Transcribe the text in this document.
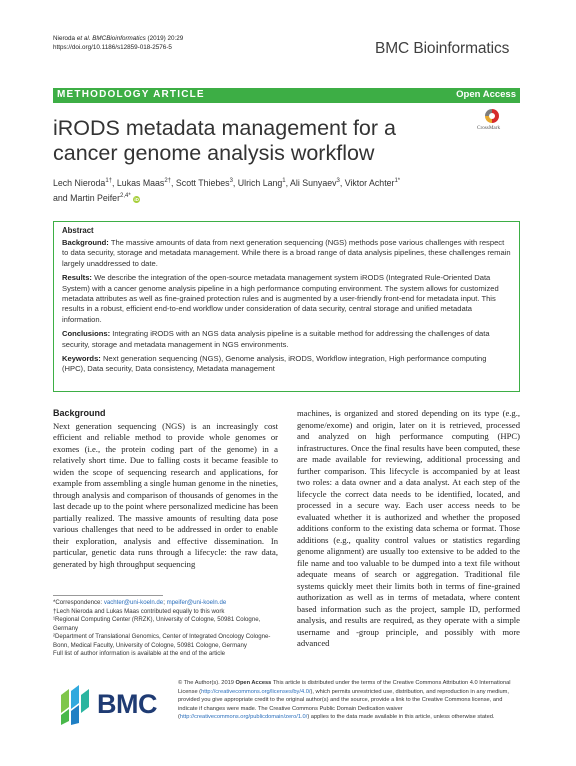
Nieroda et al. BMCBioinformatics (2019) 20:29
https://doi.org/10.1186/s12859-018-2576-5	BMC Bioinformatics
METHODOLOGY ARTICLE	Open Access
iRODS metadata management for a cancer genome analysis workflow
CrossMark
Lech Nieroda$^{1\dagger}$, Lukas Maas$^{2\dagger}$, Scott Thiebes$^3$, Ulrich Lang$^1$, Ali Sunyaev$^3$, Viktor Achter$^{1*}$
and Martin Peifer$^{2,4*}$ iD
Abstract

Background: The massive amounts of data from next generation sequencing (NGS) methods pose various challenges with respect to data security, storage and metadata management. While there is a broad range of data analysis pipelines, these challenges remain largely unaddressed to date.

Results: We describe the integration of the open-source metadata management system iRODS (Integrated Rule-Oriented Data System) with a cancer genome analysis pipeline in a high performance computing environment. The system allows for customized metadata attributes as well as fine-grained protection rules and is augmented by a user-friendly front-end for metadata input. This results in a robust, efficient end-to-end workflow under consideration of data security, central storage and unified metadata information.

Conclusions: Integrating iRODS with an NGS data analysis pipeline is a suitable method for addressing the challenges of data security, storage and metadata management in NGS environments.

Keywords: Next generation sequencing (NGS), Genome analysis, iRODS, Workflow integration, High performance computing (HPC), Data security, Data consistency, Metadata management

Background

Next generation sequencing (NGS) is an increasingly cost efficient and reliable method to provide whole genomes or exomes (i.e., the protein coding part of the genome) in a relatively short time. Due to falling costs it became feasible to widen the scope of sequencing research and applications, for example from assembling a single human genome in the nineties, through analysis and comparison of thousands of genomes in the last decade up to the point where personalized medicine has been partially realized. The massive amounts of resulting data pose various challenges that need to be addressed in order to enable their exploration, analysis and effective dissemination. In particular, genetic data runs through a lifecycle: the raw data, generated by high throughput sequencing

machines, is organized and stored depending on its type (e.g., genome/exome) and origin, later on it is retrieved, processed and analyzed on high performance computing (HPC) infrastructures. Once the final results have been computed, these are made available for reviewing, additional processing and further comparison. This lifecycle is accompanied by at least two roles: a data owner and a data analyst. At each step of the lifecycle the correct data needs to be identified, located, and processed in a secure way. Each user access needs to be evaluated whether it is authorized and whether the proposed additions conform to the existing data schema or format. Those additions (e.g., quality control values or statistics regarding genome alignment) are usually too extensive to be added to the file name and too valuable to be dumped into a text file without adequate means of search or aggregation. Traditional file systems quickly meet their limits both in terms of fine-grained authorization as well as in terms of metadata, where content based information such as the project, sample ID, performed analysis, and results are required, as they operate with a simple username and -group principle, and possibly with more advanced

*Correspondence: vachter@uni-koeln.de; mpeifer@uni-koeln.de

†Lech Nieroda and Lukas Maas contributed equally to this work

¹Regional Computing Center (RRZK), University of Cologne, 50981 Cologne, Germany

²Department of Translational Genomics, Center of Integrated Oncology Cologne-Bonn, Medical Faculty, University of Cologne, 50981 Cologne, Germany

Full list of author information is available at the end of the article

BMC

© The Author(s). 2019 Open Access This article is distributed under the terms of the Creative Commons Attribution 4.0 International License (http://creativecommons.org/licenses/by/4.0/), which permits unrestricted use, distribution, and reproduction in any medium, provided you give appropriate credit to the original author(s) and the source, provide a link to the Creative Commons license, and indicate if changes were made. The Creative Commons Public Domain Dedication waiver (http://creativecommons.org/publicdomain/zero/1.0/) applies to the data made available in this article, unless otherwise stated.
